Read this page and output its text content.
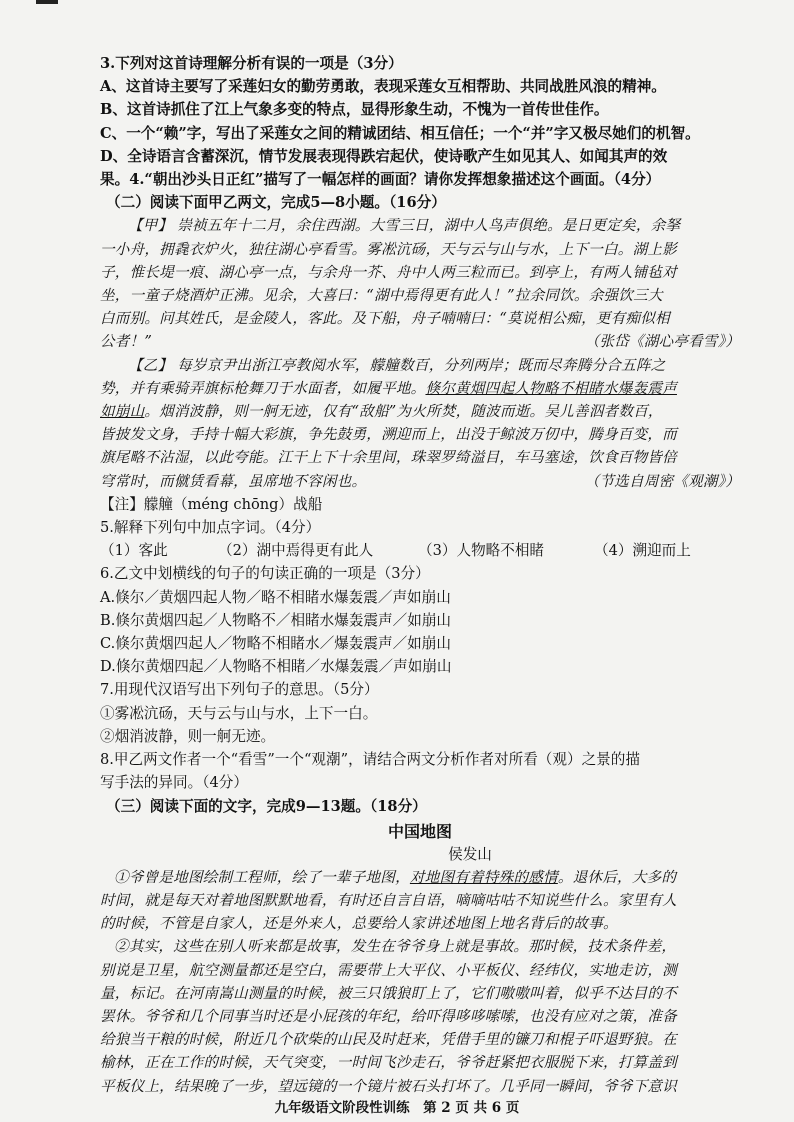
3.下列对这首诗理解分析有误的一项是（3分）

A、这首诗主要写了采莲妇女的勤劳勇敢，表现采莲女互相帮助、共同战胜风浪的精神。

B、这首诗抓住了江上气象多变的特点，显得形象生动，不愧为一首传世佳作。

C、一个“赖”字，写出了采莲女之间的精诚团结、相互信任；一个“并”字又极尽她们的机智。

D、全诗语言含蓄深沉，情节发展表现得跌宕起伏，使诗歌产生如见其人、如闻其声的效

果。4.“朝出沙头日正红”描写了一幅怎样的画面？请你发挥想象描述这个画面。（4分）

（二）阅读下面甲乙两文，完成5—8小题。（16分）

【甲】 崇祯五年十二月，余住西湖。大雪三日，湖中人鸟声俱绝。是日更定矣，余拏

一小舟，拥毳衣炉火，独往湖心亭看雪。雾凇沆砀，天与云与山与水，上下一白。湖上影

子，惟长堤一痕、湖心亭一点，与余舟一芥、舟中人两三粒而已。到亭上，有两人铺毡对

坐，一童子烧酒炉正沸。见余，大喜曰：“湖中焉得更有此人！”拉余同饮。余强饮三大

白而别。问其姓氏，是金陵人，客此。及下船，舟子喃喃曰：“莫说相公痴，更有痴似相

公者！”	（张岱《湖心亭看雪》）

【乙】 每岁京尹出浙江亭教阅水军，艨艟数百，分列两岸；既而尽奔腾分合五阵之

势，并有乘骑弄旗标枪舞刀于水面者，如履平地。倏尔黄烟四起人物略不相睹水爆轰震声

如崩山。烟消波静，则一舸无迹，仅有“敌船”为火所焚，随波而逝。吴儿善泅者数百，

皆披发文身，手持十幅大彩旗，争先鼓勇，溯迎而上，出没于鲸波万仞中，腾身百变，而

旗尾略不沾湿，以此夸能。江干上下十余里间，珠翠罗绮溢目，车马塞途，饮食百物皆倍

穹常时，而僦赁看幕，虽席地不容闲也。	（节选自周密《观潮》）

【注】艨艟（méng chōng）战船

5.解释下列句中加点字词。（4分）

（1）客此	（2）湖中焉得更有此人	（3）人物略不相睹	（4）溯迎而上

6.乙文中划横线的句子的句读正确的一项是（3分）

A.倏尔／黄烟四起人物／略不相睹水爆轰震／声如崩山

B.倏尔黄烟四起／人物略不／相睹水爆轰震声／如崩山

C.倏尔黄烟四起人／物略不相睹水／爆轰震声／如崩山

D.倏尔黄烟四起／人物略不相睹／水爆轰震／声如崩山

7.用现代汉语写出下列句子的意思。（5分）

①雾凇沆砀，天与云与山与水，上下一白。

②烟消波静，则一舸无迹。

8.甲乙两文作者一个“看雪”一个“观潮”，请结合两文分析作者对所看（观）之景的描

写手法的异同。（4分）

（三）阅读下面的文字，完成9—13题。（18分）

中国地图

侯发山

①爷曾是地图绘制工程师，绘了一辈子地图，对地图有着特殊的感情。退休后，大多的

时间，就是每天对着地图默默地看，有时还自言自语，嘀嘀咕咕不知说些什么。家里有人

的时候，不管是自家人，还是外来人，总要给人家讲述地图上地名背后的故事。

②其实，这些在别人听来都是故事，发生在爷爷身上就是事故。那时候，技术条件差，

别说是卫星，航空测量都还是空白，需要带上大平仪、小平板仪、经纬仪，实地走访，测

量，标记。在河南嵩山测量的时候，被三只饿狼盯上了，它们嗷嗷叫着，似乎不达目的不

罢休。爷爷和几个同事当时还是小屁孩的年纪，给吓得哆哆嗦嗦，也没有应对之策，准备

给狼当干粮的时候，附近几个砍柴的山民及时赶来，凭借手里的镰刀和棍子吓退野狼。在

榆林，正在工作的时候，天气突变，一时间飞沙走石，爷爷赶紧把衣服脱下来，打算盖到

平板仪上，结果晚了一步，望远镜的一个镜片被石头打坏了。几乎同一瞬间，爷爷下意识

九年级语文阶段性训练　第 2 页 共 6 页
